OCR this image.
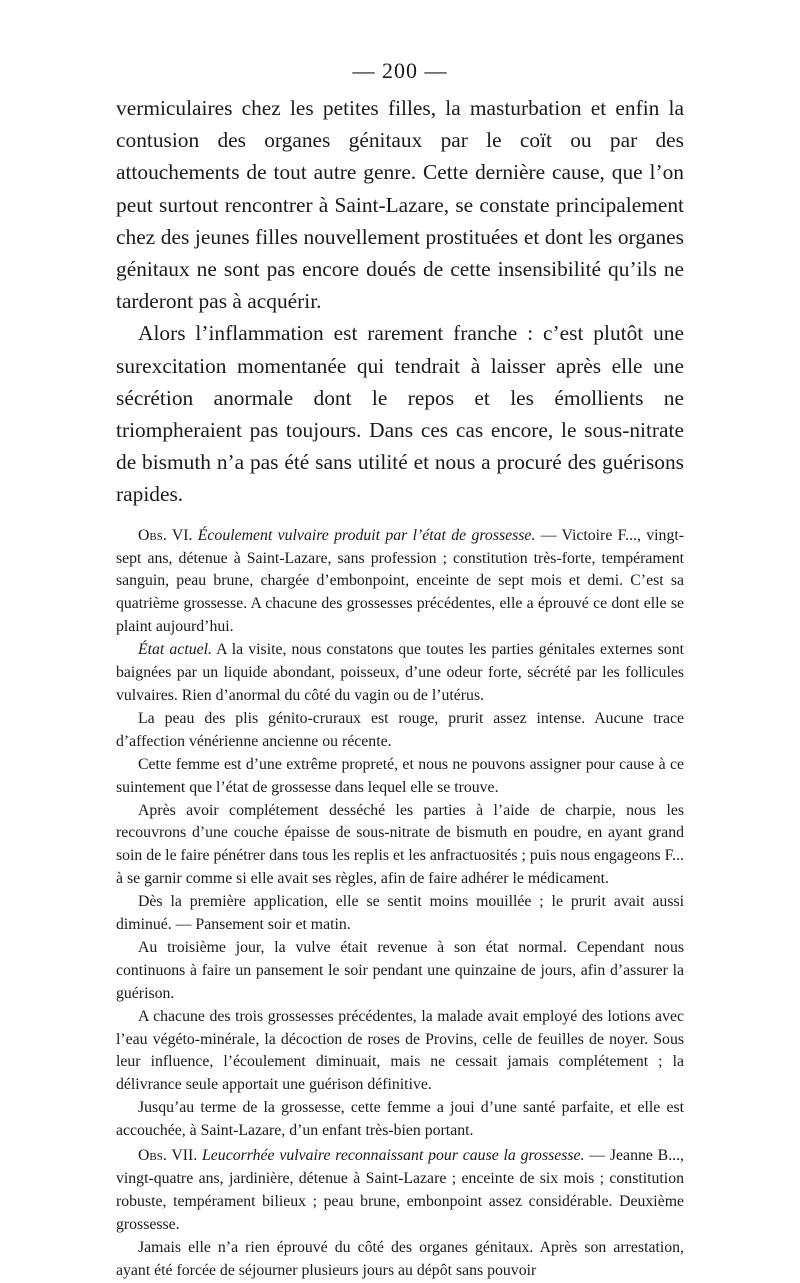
— 200 —

vermiculaires chez les petites filles, la masturbation et enfin la contusion des organes génitaux par le coït ou par des attouchements de tout autre genre. Cette dernière cause, que l’on peut surtout rencontrer à Saint-Lazare, se constate principalement chez des jeunes filles nouvellement prostituées et dont les organes génitaux ne sont pas encore doués de cette insensibilité qu’ils ne tarderont pas à acquérir.

Alors l’inflammation est rarement franche : c’est plutôt une surexcitation momentanée qui tendrait à laisser après elle une sécrétion anormale dont le repos et les émollients ne triompheraient pas toujours. Dans ces cas encore, le sous-nitrate de bismuth n’a pas été sans utilité et nous a procuré des guérisons rapides.

Obs. VI. Écoulement vulvaire produit par l’état de grossesse. — Victoire F..., vingt-sept ans, détenue à Saint-Lazare, sans profession ; constitution très-forte, tempérament sanguin, peau brune, chargée d’embonpoint, enceinte de sept mois et demi. C’est sa quatrième grossesse. A chacune des grossesses précédentes, elle a éprouvé ce dont elle se plaint aujourd’hui.

État actuel. A la visite, nous constatons que toutes les parties génitales externes sont baignées par un liquide abondant, poisseux, d’une odeur forte, sécrété par les follicules vulvaires. Rien d’anormal du côté du vagin ou de l’utérus.

La peau des plis génito-cruraux est rouge, prurit assez intense. Aucune trace d’affection vénérienne ancienne ou récente.

Cette femme est d’une extrême propreté, et nous ne pouvons assigner pour cause à ce suintement que l’état de grossesse dans lequel elle se trouve.

Après avoir complétement desséché les parties à l’aide de charpie, nous les recouvrons d’une couche épaisse de sous-nitrate de bismuth en poudre, en ayant grand soin de le faire pénétrer dans tous les replis et les anfractuosités ; puis nous engageons F... à se garnir comme si elle avait ses règles, afin de faire adhérer le médicament.

Dès la première application, elle se sentit moins mouillée ; le prurit avait aussi diminué. — Pansement soir et matin.

Au troisième jour, la vulve était revenue à son état normal. Cependant nous continuons à faire un pansement le soir pendant une quinzaine de jours, afin d’assurer la guérison.

A chacune des trois grossesses précédentes, la malade avait employé des lotions avec l’eau végéto-minérale, la décoction de roses de Provins, celle de feuilles de noyer. Sous leur influence, l’écoulement diminuait, mais ne cessait jamais complétement ; la délivrance seule apportait une guérison définitive.

Jusqu’au terme de la grossesse, cette femme a joui d’une santé parfaite, et elle est accouchée, à Saint-Lazare, d’un enfant très-bien portant.

Obs. VII. Leucorrhée vulvaire reconnaissant pour cause la grossesse. — Jeanne B..., vingt-quatre ans, jardinière, détenue à Saint-Lazare ; enceinte de six mois ; constitution robuste, tempérament bilieux ; peau brune, embonpoint assez considérable. Deuxième grossesse.

Jamais elle n’a rien éprouvé du côté des organes génitaux. Après son arrestation, ayant été forcée de séjourner plusieurs jours au dépôt sans pouvoir
